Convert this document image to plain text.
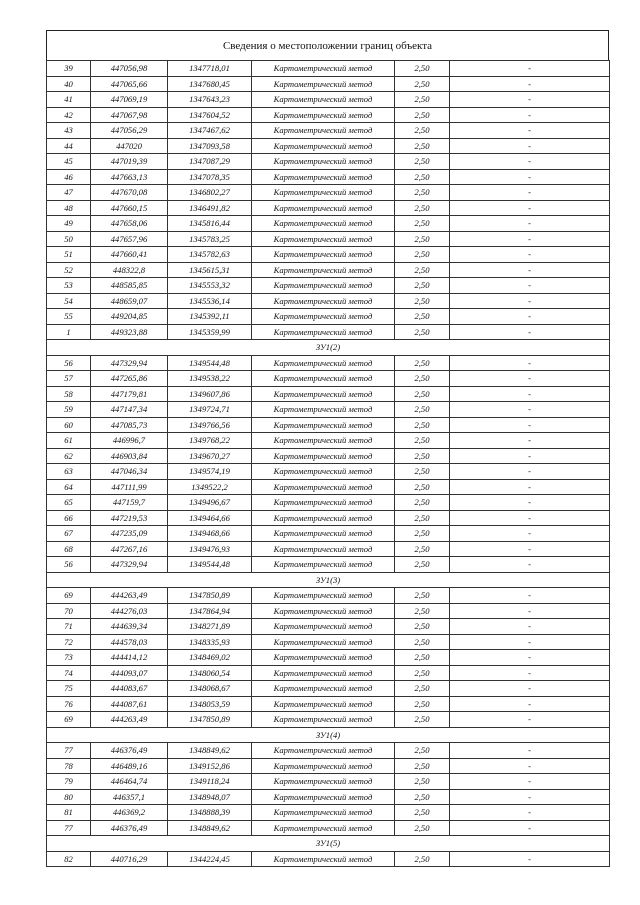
Сведения о местоположении границ объекта
39	447056,98	1347718,01	Картометрический метод	2,50	-
40	447065,66	1347680,45	Картометрический метод	2,50	-
41	447069,19	1347643,23	Картометрический метод	2,50	-
42	447067,98	1347604,52	Картометрический метод	2,50	-
43	447056,29	1347467,62	Картометрический метод	2,50	-
44	447020	1347093,58	Картометрический метод	2,50	-
45	447019,39	1347087,29	Картометрический метод	2,50	-
46	447663,13	1347078,35	Картометрический метод	2,50	-
47	447670,08	1346802,27	Картометрический метод	2,50	-
48	447660,15	1346491,82	Картометрический метод	2,50	-
49	447658,06	1345816,44	Картометрический метод	2,50	-
50	447657,96	1345783,25	Картометрический метод	2,50	-
51	447660,41	1345782,63	Картометрический метод	2,50	-
52	448322,8	1345615,31	Картометрический метод	2,50	-
53	448585,85	1345553,32	Картометрический метод	2,50	-
54	448659,07	1345536,14	Картометрический метод	2,50	-
55	449204,85	1345392,11	Картометрический метод	2,50	-
1	449323,88	1345359,99	Картометрический метод	2,50	-
ЗУ1(2)					
56	447329,94	1349544,48	Картометрический метод	2,50	-
57	447265,86	1349538,22	Картометрический метод	2,50	-
58	447179,81	1349607,86	Картометрический метод	2,50	-
59	447147,34	1349724,71	Картометрический метод	2,50	-
60	447085,73	1349766,56	Картометрический метод	2,50	-
61	446996,7	1349768,22	Картометрический метод	2,50	-
62	446903,84	1349670,27	Картометрический метод	2,50	-
63	447046,34	1349574,19	Картометрический метод	2,50	-
64	447111,99	1349522,2	Картометрический метод	2,50	-
65	447159,7	1349496,67	Картометрический метод	2,50	-
66	447219,53	1349464,66	Картометрический метод	2,50	-
67	447235,09	1349468,66	Картометрический метод	2,50	-
68	447267,16	1349476,93	Картометрический метод	2,50	-
56	447329,94	1349544,48	Картометрический метод	2,50	-
ЗУ1(3)					
69	444263,49	1347850,89	Картометрический метод	2,50	-
70	444276,03	1347864,94	Картометрический метод	2,50	-
71	444639,34	1348271,89	Картометрический метод	2,50	-
72	444578,03	1348335,93	Картометрический метод	2,50	-
73	444414,12	1348469,02	Картометрический метод	2,50	-
74	444093,07	1348060,54	Картометрический метод	2,50	-
75	444083,67	1348068,67	Картометрический метод	2,50	-
76	444087,61	1348053,59	Картометрический метод	2,50	-
69	444263,49	1347850,89	Картометрический метод	2,50	-
ЗУ1(4)					
77	446376,49	1348849,62	Картометрический метод	2,50	-
78	446489,16	1349152,86	Картометрический метод	2,50	-
79	446464,74	1349118,24	Картометрический метод	2,50	-
80	446357,1	1348948,07	Картометрический метод	2,50	-
81	446369,2	1348888,39	Картометрический метод	2,50	-
77	446376,49	1348849,62	Картометрический метод	2,50	-
ЗУ1(5)					
82	440716,29	1344224,45	Картометрический метод	2,50	-
